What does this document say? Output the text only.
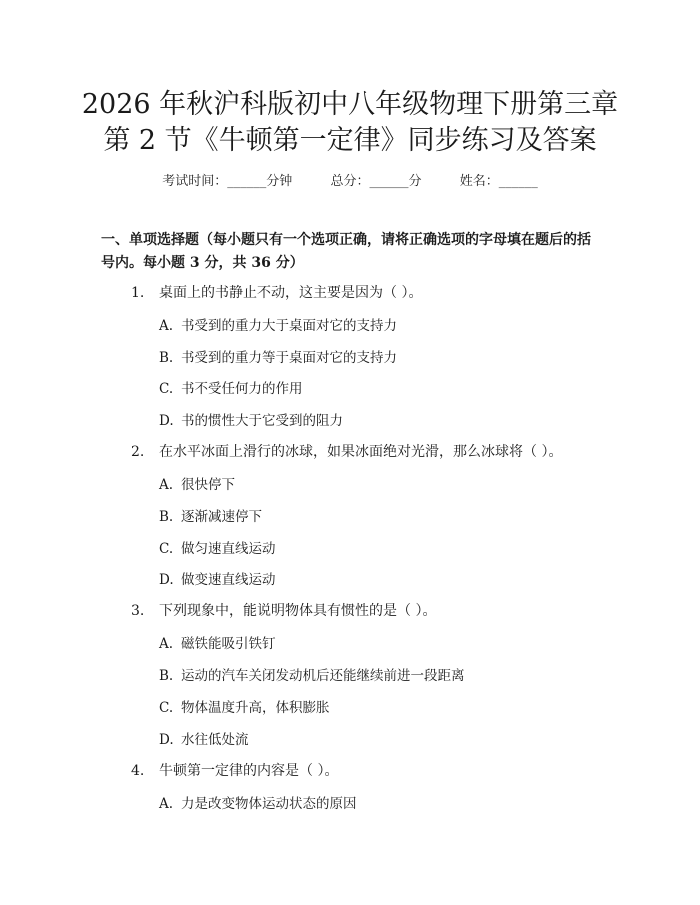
2026 年秋沪科版初中八年级物理下册第三章
第 2 节《牛顿第一定律》同步练习及答案
考试时间：______分钟	总分：______分	姓名：______
一、单项选择题（每小题只有一个选项正确，请将正确选项的字母填在题后的括号内。每小题 3 分，共 36 分）
1. 桌面上的书静止不动，这主要是因为（ ）。
A. 书受到的重力大于桌面对它的支持力
B. 书受到的重力等于桌面对它的支持力
C. 书不受任何力的作用
D. 书的惯性大于它受到的阻力
2. 在水平冰面上滑行的冰球，如果冰面绝对光滑，那么冰球将（ ）。
A. 很快停下
B. 逐渐减速停下
C. 做匀速直线运动
D. 做变速直线运动
3. 下列现象中，能说明物体具有惯性的是（ ）。
A. 磁铁能吸引铁钉
B. 运动的汽车关闭发动机后还能继续前进一段距离
C. 物体温度升高，体积膨胀
D. 水往低处流
4. 牛顿第一定律的内容是（ ）。
A. 力是改变物体运动状态的原因
